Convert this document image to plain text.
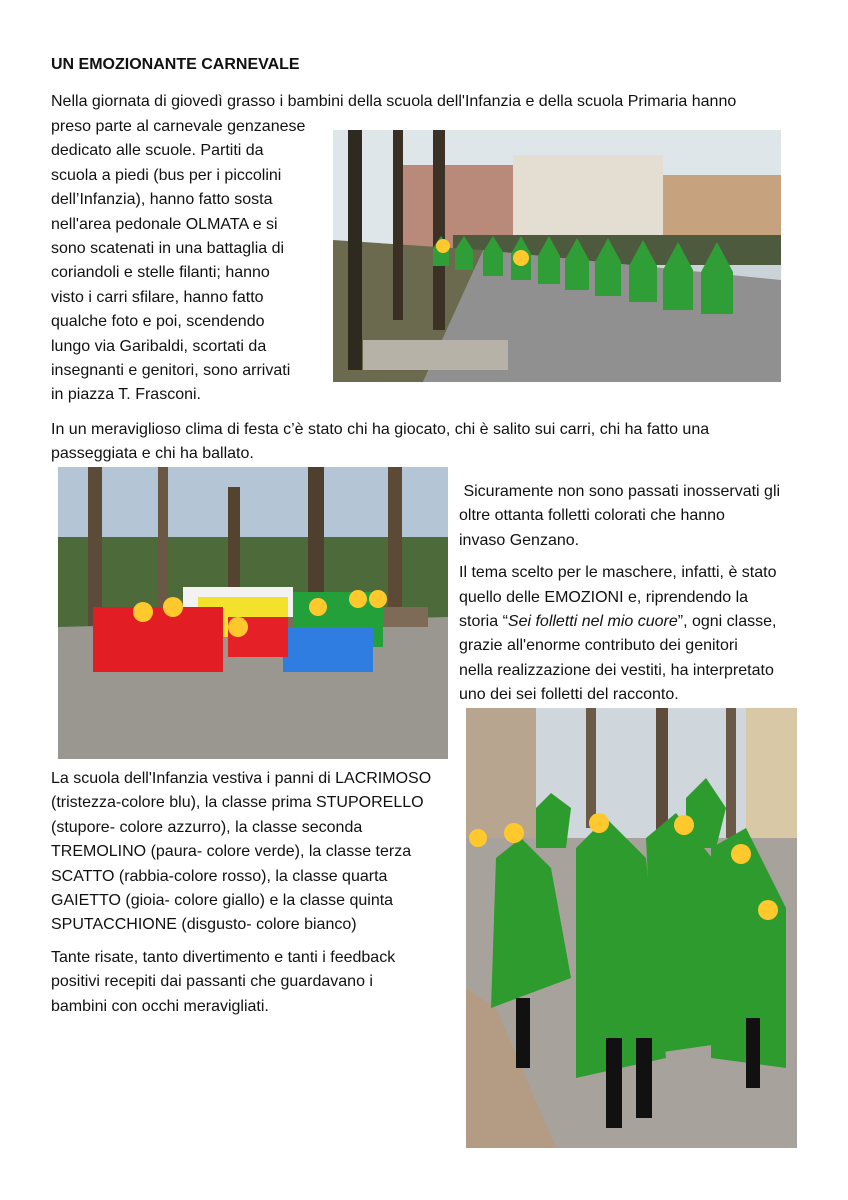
UN EMOZIONANTE CARNEVALE
Nella giornata di giovedì grasso i bambini della scuola dell'Infanzia e della scuola Primaria hanno
preso parte al carnevale genzanese
dedicato alle scuole. Partiti da
scuola a piedi (bus per i piccolini
dell’Infanzia), hanno fatto sosta
nell'area pedonale OLMATA e si
sono scatenati in una battaglia di
coriandoli e stelle filanti; hanno
visto i carri sfilare, hanno fatto
qualche foto e poi, scendendo
lungo via Garibaldi, scortati da
insegnanti e genitori, sono arrivati
in piazza T. Frasconi.
In un meraviglioso clima di festa c’è stato chi ha giocato, chi è salito sui carri, chi ha fatto una
passeggiata e chi ha ballato.
Sicuramente non sono passati inosservati gli
oltre ottanta folletti colorati che hanno
invaso Genzano.
Il tema scelto per le maschere, infatti, è stato
quello delle EMOZIONI e, riprendendo la
storia “Sei folletti nel mio cuore”, ogni classe,
grazie all'enorme contributo dei genitori
nella realizzazione dei vestiti, ha interpretato
uno dei sei folletti del racconto.
La scuola dell'Infanzia vestiva i panni di LACRIMOSO
(tristezza-colore blu), la classe prima STUPORELLO
(stupore- colore azzurro), la classe seconda
TREMOLINO (paura- colore verde), la classe terza
SCATTO (rabbia-colore rosso), la classe quarta
GAIETTO (gioia- colore giallo) e la classe quinta
SPUTACCHIONE (disgusto- colore bianco)
Tante risate, tanto divertimento e tanti i feedback
positivi recepiti dai passanti che guardavano i
bambini con occhi meravigliati.
